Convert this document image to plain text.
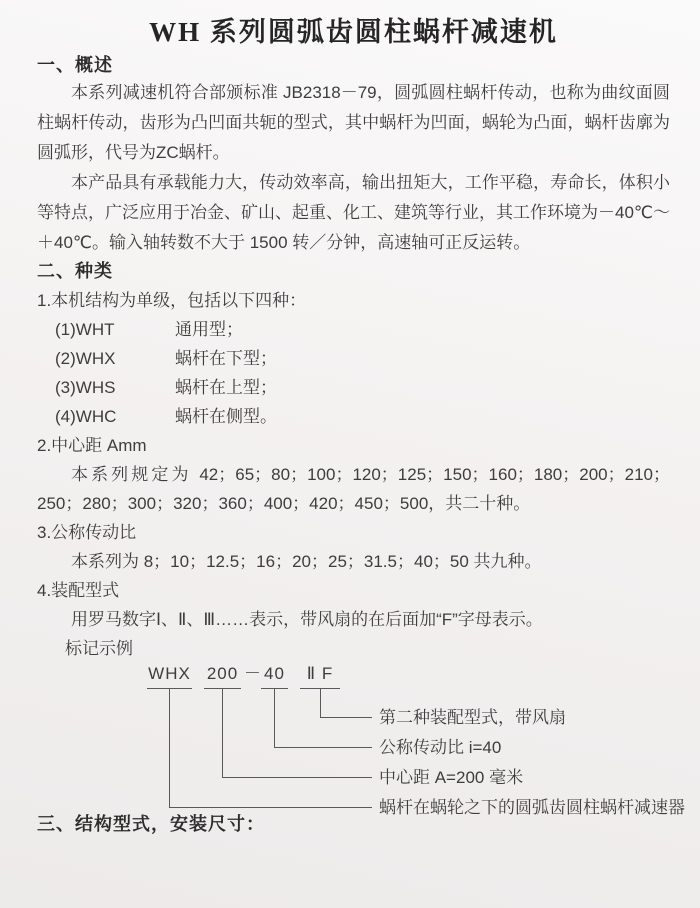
WH 系列圆弧齿圆柱蜗杆减速机
一、概述

本系列减速机符合部颁标准 JB2318－79，圆弧圆柱蜗杆传动，也称为曲纹面圆柱蜗杆传动，齿形为凸凹面共轭的型式，其中蜗杆为凹面，蜗轮为凸面，蜗杆齿廓为圆弧形，代号为ZC蜗杆。

本产品具有承载能力大，传动效率高，输出扭矩大，工作平稳，寿命长，体积小等特点，广泛应用于冶金、矿山、起重、化工、建筑等行业，其工作环境为－40℃～＋40℃。输入轴转数不大于 1500 转／分钟，高速轴可正反运转。

二、种类

1.本机结构为单级，包括以下四种：

(1)WHT	通用型；

(2)WHX	蜗杆在下型；

(3)WHS	蜗杆在上型；

(4)WHC	蜗杆在侧型。

2.中心距 Amm

本系列规定为 42；65；80；100；120；125；150；160；180；200；210；250；280；300；320；360；400；420；450；500，共二十种。

3.公称传动比

本系列为 8；10；12.5；16；20；25；31.5；40；50 共九种。

4.装配型式

用罗马数字Ⅰ、Ⅱ、Ⅲ……表示，带风扇的在后面加“F”字母表示。

标记示例

WHX 200 － 40	Ⅱ F
第二种装配型式，带风扇
公称传动比 i=40
中心距 A=200 毫米
蜗杆在蜗轮之下的圆弧齿圆柱蜗杆减速器
三、结构型式，安装尺寸：
